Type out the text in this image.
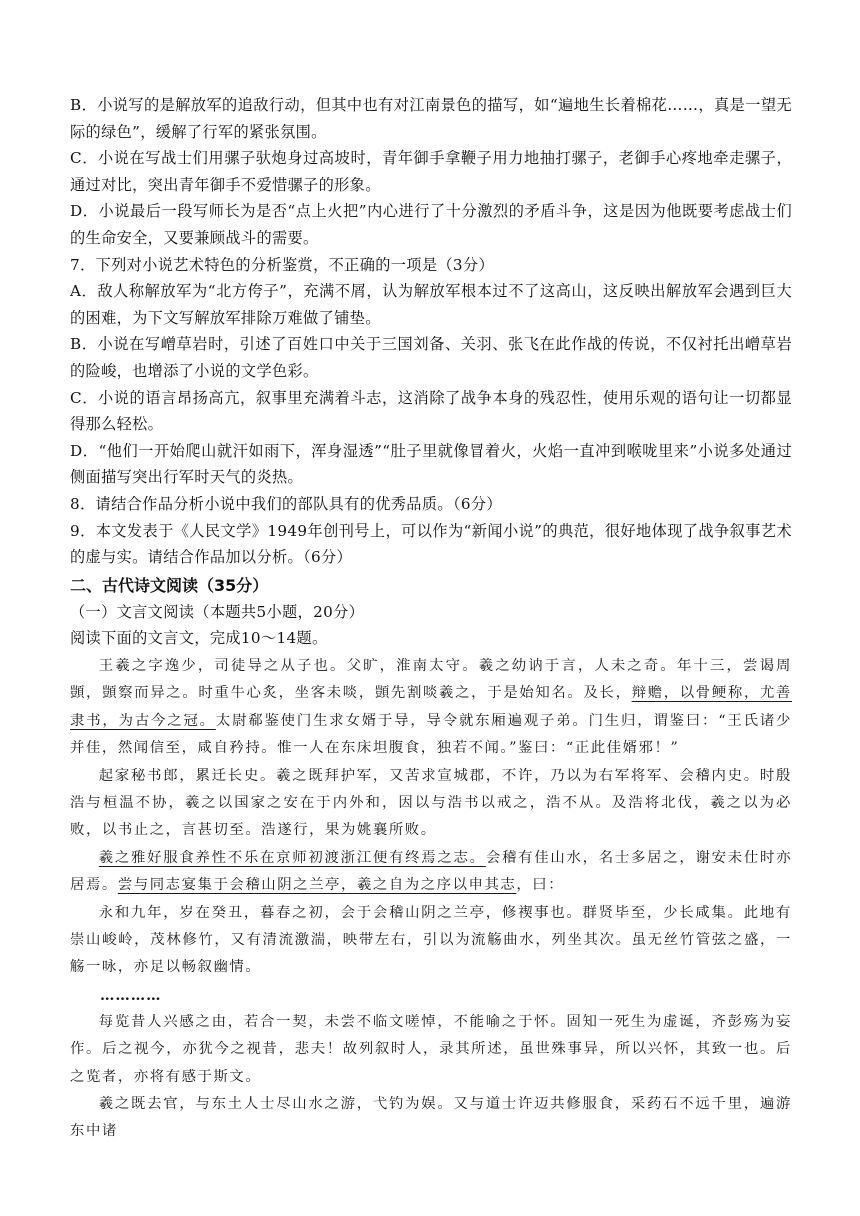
B．小说写的是解放军的追敌行动，但其中也有对江南景色的描写，如“遍地生长着棉花……，真是一望无际的绿色”，缓解了行军的紧张氛围。

C．小说在写战士们用骡子驮炮身过高坡时，青年御手拿鞭子用力地抽打骡子，老御手心疼地牵走骡子，通过对比，突出青年御手不爱惜骡子的形象。

D．小说最后一段写师长为是否“点上火把”内心进行了十分激烈的矛盾斗争，这是因为他既要考虑战士们的生命安全，又要兼顾战斗的需要。

7．下列对小说艺术特色的分析鉴赏，不正确的一项是（3分）

A．敌人称解放军为“北方侉子”，充满不屑，认为解放军根本过不了这高山，这反映出解放军会遇到巨大的困难，为下文写解放军排除万难做了铺垫。

B．小说在写嶒草岩时，引述了百姓口中关于三国刘备、关羽、张飞在此作战的传说，不仅衬托出嶒草岩的险峻，也增添了小说的文学色彩。

C．小说的语言昂扬高亢，叙事里充满着斗志，这消除了战争本身的残忍性，使用乐观的语句让一切都显得那么轻松。

D．“他们一开始爬山就汗如雨下，浑身湿透”“肚子里就像冒着火，火焰一直冲到喉咙里来”小说多处通过侧面描写突出行军时天气的炎热。

8．请结合作品分析小说中我们的部队具有的优秀品质。（6分）

9．本文发表于《人民文学》1949年创刊号上，可以作为“新闻小说”的典范，很好地体现了战争叙事艺术的虚与实。请结合作品加以分析。（6分）

二、古代诗文阅读（35分）

（一）文言文阅读（本题共5小题，20分）

阅读下面的文言文，完成10～14题。

王羲之字逸少，司徒导之从子也。父旷，淮南太守。羲之幼讷于言，人未之奇。年十三，尝谒周顗，顗察而异之。时重牛心炙，坐客未啖，顗先割啖羲之，于是始知名。及长，辩赡，以骨鲠称，尤善隶书，为古今之冠。太尉郗鉴使门生求女婿于导，导令就东厢遍观子弟。门生归，谓鉴曰：“王氏诸少并佳，然闻信至，咸自矜持。惟一人在东床坦腹食，独若不闻。”鉴曰：“正此佳婿邪！”

起家秘书郎，累迁长史。羲之既拜护军，又苦求宣城郡，不许，乃以为右军将军、会稽内史。时殷浩与桓温不协，羲之以国家之安在于内外和，因以与浩书以戒之，浩不从。及浩将北伐，羲之以为必败，以书止之，言甚切至。浩遂行，果为姚襄所败。

羲之雅好服食养性不乐在京师初渡浙江便有终焉之志。会稽有佳山水，名士多居之，谢安未仕时亦居焉。尝与同志宴集于会稽山阴之兰亭，羲之自为之序以申其志，曰：

永和九年，岁在癸丑，暮春之初，会于会稽山阴之兰亭，修禊事也。群贤毕至，少长咸集。此地有崇山峻岭，茂林修竹，又有清流激湍，映带左右，引以为流觞曲水，列坐其次。虽无丝竹管弦之盛，一觞一咏，亦足以畅叙幽情。

…………

每览昔人兴感之由，若合一契，未尝不临文嗟悼，不能喻之于怀。固知一死生为虚诞，齐彭殇为妄作。后之视今，亦犹今之视昔，悲夫！故列叙时人，录其所述，虽世殊事异，所以兴怀，其致一也。后之览者，亦将有感于斯文。

羲之既去官，与东土人士尽山水之游，弋钓为娱。又与道士许迈共修服食，采药石不远千里，遍游东中诸
